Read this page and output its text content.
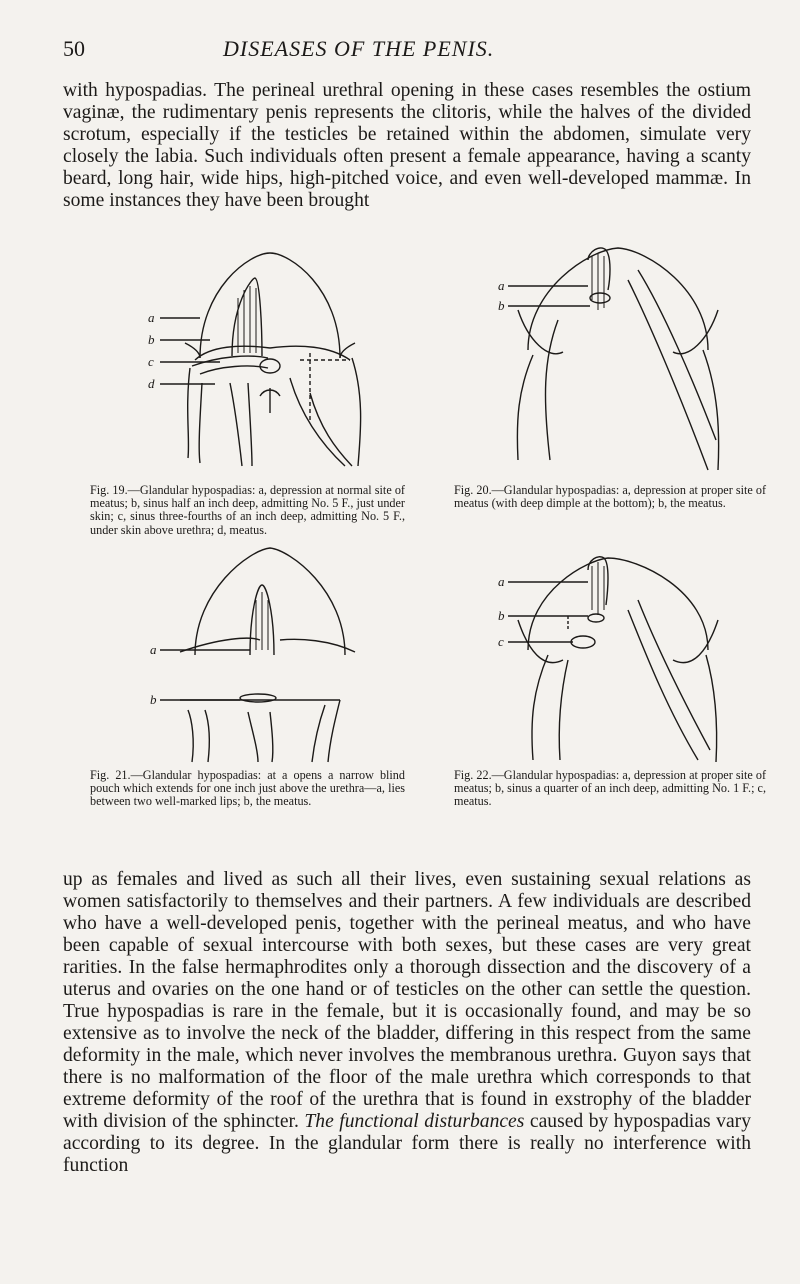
50	DISEASES OF THE PENIS.

with hypospadias. The perineal urethral opening in these cases resembles the ostium vaginæ, the rudimentary penis represents the clitoris, while the halves of the divided scrotum, especially if the testicles be retained within the abdomen, simulate very closely the labia. Such individuals often present a female appearance, having a scanty beard, long hair, wide hips, high-pitched voice, and even well-developed mammæ. In some instances they have been brought

a
b
c
d

Fig. 19.—Glandular hypospadias: a, depression at normal site of meatus; b, sinus half an inch deep, admitting No. 5 F., just under skin; c, sinus three-fourths of an inch deep, admitting No. 5 F., under skin above urethra; d, meatus.

a
b

Fig. 20.—Glandular hypospadias: a, depression at proper site of meatus (with deep dimple at the bottom); b, the meatus.

a
b

Fig. 21.—Glandular hypospadias: at a opens a narrow blind pouch which extends for one inch just above the urethra—a, lies between two well-marked lips; b, the meatus.

a
b
c

Fig. 22.—Glandular hypospadias: a, depression at proper site of meatus; b, sinus a quarter of an inch deep, admitting No. 1 F.; c, meatus.

up as females and lived as such all their lives, even sustaining sexual relations as women satisfactorily to themselves and their partners. A few individuals are described who have a well-developed penis, together with the perineal meatus, and who have been capable of sexual intercourse with both sexes, but these cases are very great rarities. In the false hermaphrodites only a thorough dissection and the discovery of a uterus and ovaries on the one hand or of testicles on the other can settle the question. True hypospadias is rare in the female, but it is occasionally found, and may be so extensive as to involve the neck of the bladder, differing in this respect from the same deformity in the male, which never involves the membranous urethra. Guyon says that there is no malformation of the floor of the male urethra which corresponds to that extreme deformity of the roof of the urethra that is found in exstrophy of the bladder with division of the sphincter. The functional disturbances caused by hypospadias vary according to its degree. In the glandular form there is really no interference with function
